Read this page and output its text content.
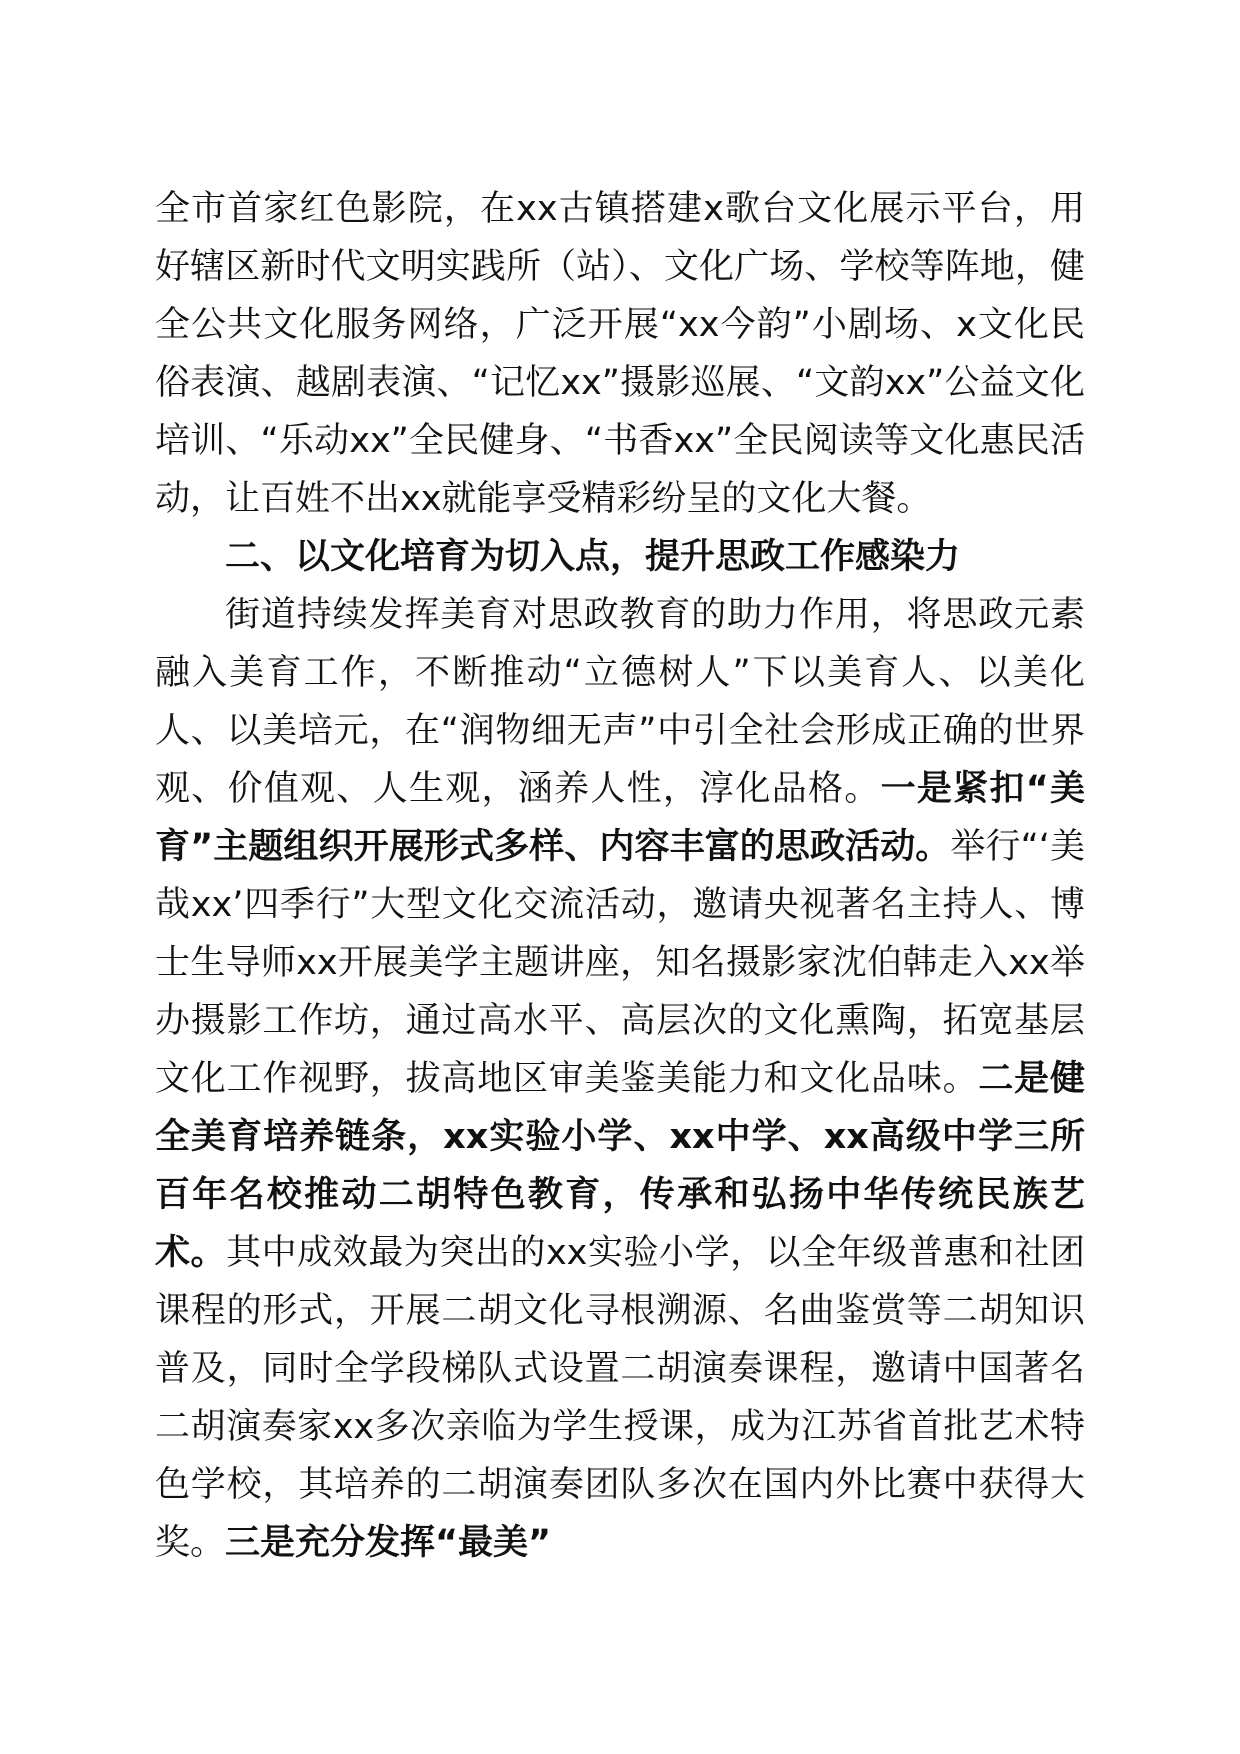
全市首家红色影院，在xx古镇搭建x歌台文化展示平台，用好辖区新时代文明实践所（站）、文化广场、学校等阵地，健全公共文化服务网络，广泛开展“xx今韵”小剧场、x文化民俗表演、越剧表演、“记忆xx”摄影巡展、“文韵xx”公益文化培训、“乐动xx”全民健身、“书香xx”全民阅读等文化惠民活动，让百姓不出xx就能享受精彩纷呈的文化大餐。

二、以文化培育为切入点，提升思政工作感染力

街道持续发挥美育对思政教育的助力作用，将思政元素融入美育工作，不断推动“立德树人”下以美育人、以美化人、以美培元，在“润物细无声”中引全社会形成正确的世界观、价值观、人生观，涵养人性，淳化品格。一是紧扣“美育”主题组织开展形式多样、内容丰富的思政活动。举行“‘美哉xx’四季行”大型文化交流活动，邀请央视著名主持人、博士生导师xx开展美学主题讲座，知名摄影家沈伯韩走入xx举办摄影工作坊，通过高水平、高层次的文化熏陶，拓宽基层文化工作视野，拔高地区审美鉴美能力和文化品味。二是健全美育培养链条，xx实验小学、xx中学、xx高级中学三所百年名校推动二胡特色教育，传承和弘扬中华传统民族艺术。其中成效最为突出的xx实验小学，以全年级普惠和社团课程的形式，开展二胡文化寻根溯源、名曲鉴赏等二胡知识普及，同时全学段梯队式设置二胡演奏课程，邀请中国著名二胡演奏家xx多次亲临为学生授课，成为江苏省首批艺术特色学校，其培养的二胡演奏团队多次在国内外比赛中获得大奖。三是充分发挥“最美”
